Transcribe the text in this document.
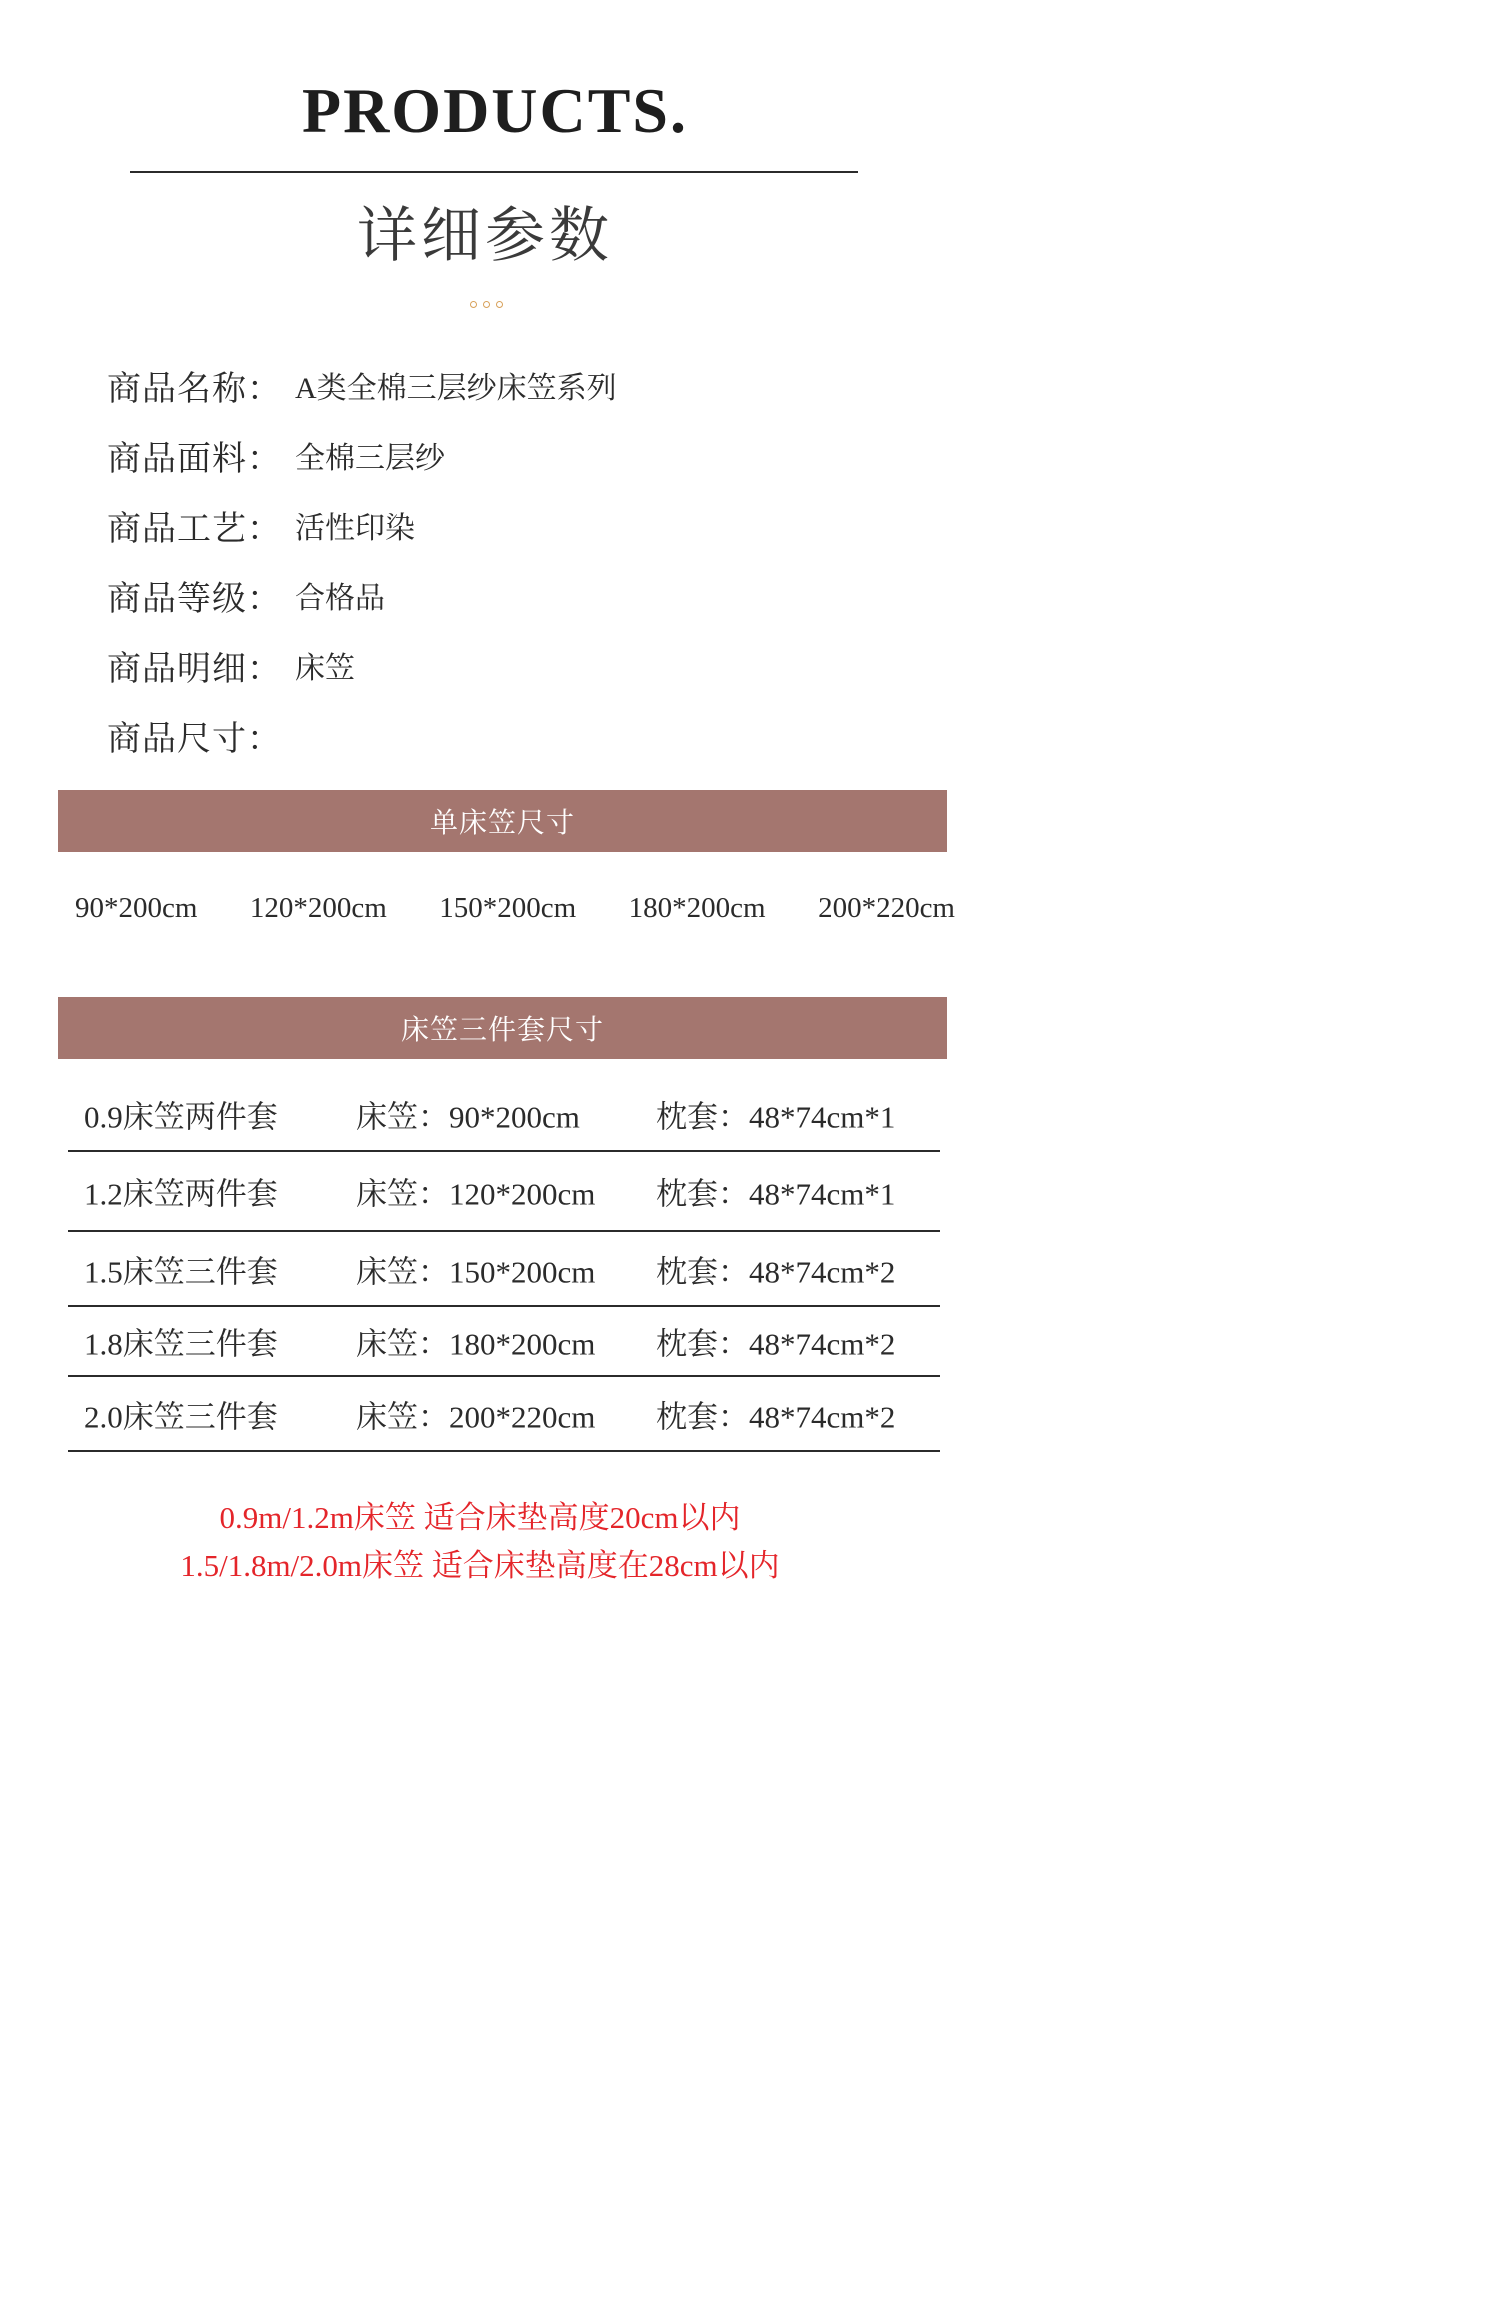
PRODUCTS.
详细参数
商品名称： A类全棉三层纱床笠系列
商品面料： 全棉三层纱
商品工艺： 活性印染
商品等级： 合格品
商品明细： 床笠
商品尺寸：
单床笠尺寸
90*200cm 120*200cm 150*200cm 180*200cm 200*220cm
床笠三件套尺寸
0.9床笠两件套	床笠：90*200cm 枕套：48*74cm*1
1.2床笠两件套	床笠：120*200cm 枕套：48*74cm*1
1.5床笠三件套	床笠：150*200cm 枕套：48*74cm*2
1.8床笠三件套	床笠：180*200cm 枕套：48*74cm*2
2.0床笠三件套	床笠：200*220cm 枕套：48*74cm*2
0.9m/1.2m床笠 适合床垫高度20cm以内
1.5/1.8m/2.0m床笠 适合床垫高度在28cm以内
